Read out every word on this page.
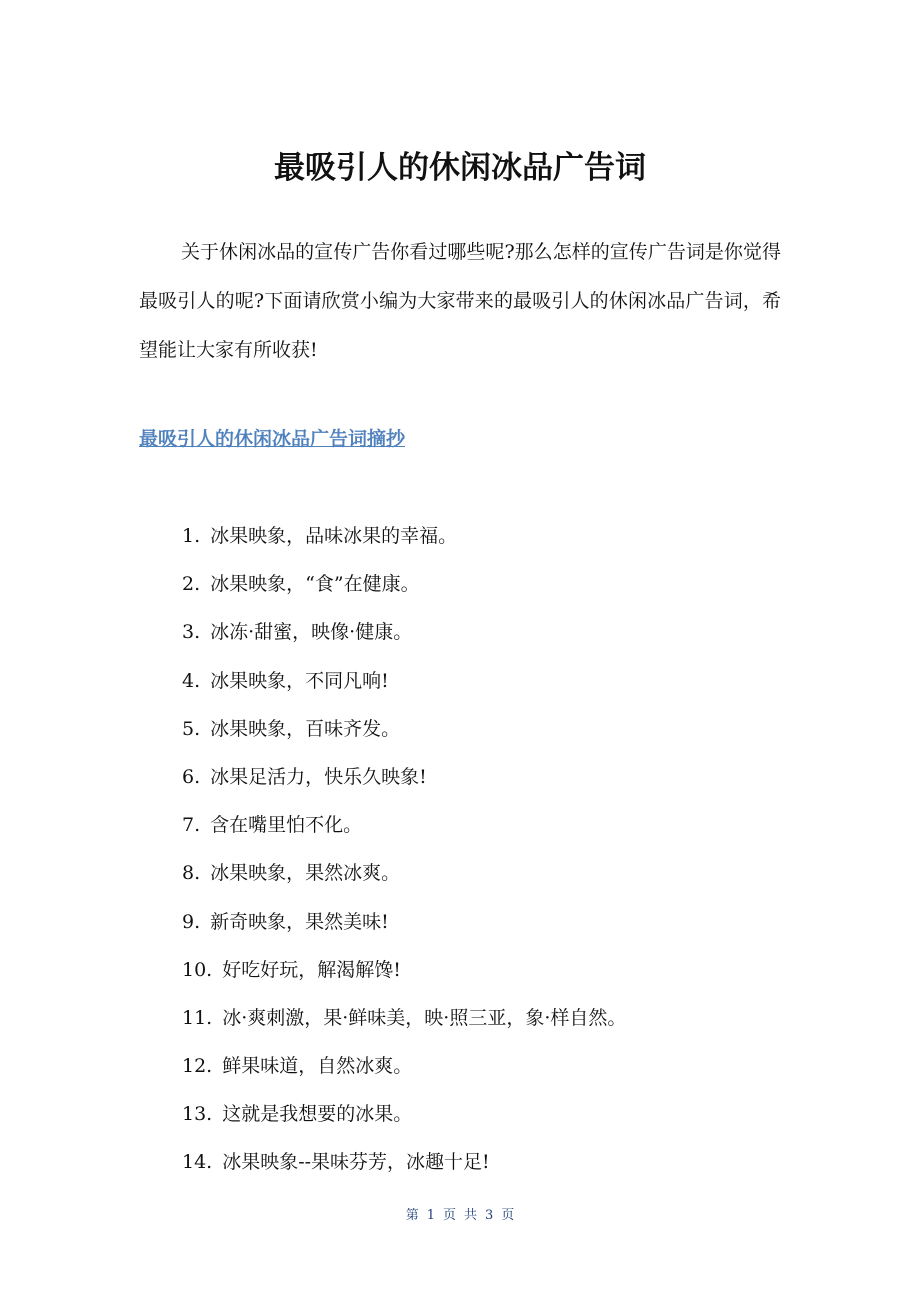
最吸引人的休闲冰品广告词

关于休闲冰品的宣传广告你看过哪些呢?那么怎样的宣传广告词是你觉得最吸引人的呢?下面请欣赏小编为大家带来的最吸引人的休闲冰品广告词，希望能让大家有所收获!

最吸引人的休闲冰品广告词摘抄
1. 冰果映象，品味冰果的幸福。
2. 冰果映象，“食”在健康。
3. 冰冻·甜蜜，映像·健康。
4. 冰果映象，不同凡响!
5. 冰果映象，百味齐发。
6. 冰果足活力，快乐久映象!
7. 含在嘴里怕不化。
8. 冰果映象，果然冰爽。
9. 新奇映象，果然美味!
10. 好吃好玩，解渴解馋!
11. 冰·爽刺激，果·鲜味美，映·照三亚，象·样自然。
12. 鲜果味道，自然冰爽。
13. 这就是我想要的冰果。
14. 冰果映象--果味芬芳，冰趣十足!
第 1 页 共 3 页
